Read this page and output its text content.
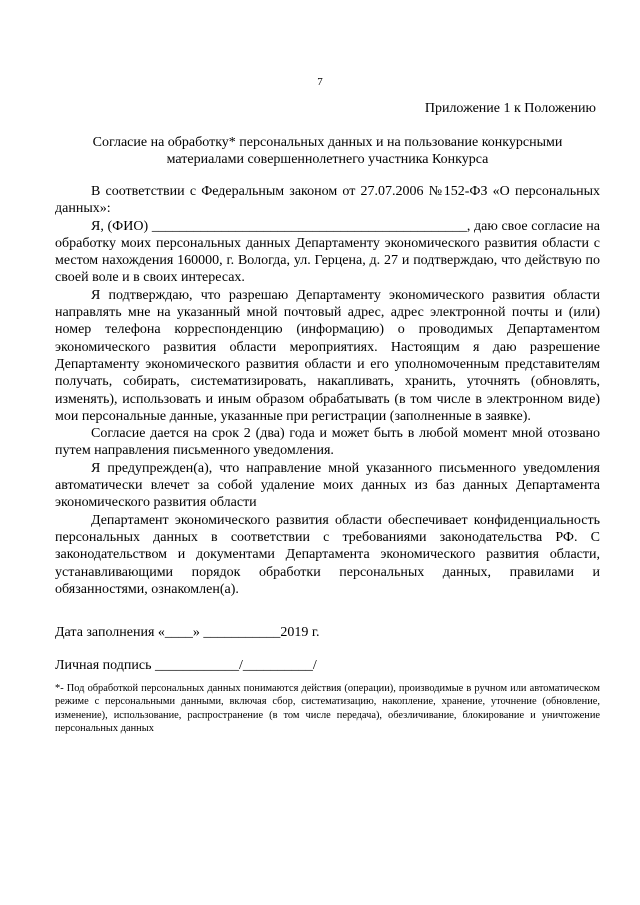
7
Приложение 1 к Положению
Согласие на обработку* персональных данных и на пользование конкурсными
материалами совершеннолетнего участника Конкурса

В соответствии с Федеральным законом от 27.07.2006 №152-ФЗ «О персональных данных»:

Я, (ФИО) _____________________________________________, даю свое согласие на обработку моих персональных данных Департаменту экономического развития области с местом нахождения 160000, г. Вологда, ул. Герцена, д. 27 и подтверждаю, что действую по своей воле и в своих интересах.

Я подтверждаю, что разрешаю Департаменту экономического развития области направлять мне на указанный мной почтовый адрес, адрес электронной почты и (или) номер телефона корреспонденцию (информацию) о проводимых Департаментом экономического развития области мероприятиях. Настоящим я даю разрешение Департаменту экономического развития области и его уполномоченным представителям получать, собирать, систематизировать, накапливать, хранить, уточнять (обновлять, изменять), использовать и иным образом обрабатывать (в том числе в электронном виде) мои персональные данные, указанные при регистрации (заполненные в заявке).

Согласие дается на срок 2 (два) года и может быть в любой момент мной отозвано путем направления письменного уведомления.

Я предупрежден(а), что направление мной указанного письменного уведомления автоматически влечет за собой удаление моих данных из баз данных Департамента экономического развития области

Департамент экономического развития области обеспечивает конфиденциальность персональных данных в соответствии с требованиями законодательства РФ. С законодательством и документами Департамента экономического развития области, устанавливающими порядок обработки персональных данных, правилами и обязанностями, ознакомлен(а).

Дата заполнения «____» ___________2019 г.
Личная подпись ____________/__________/
*- Под обработкой персональных данных понимаются действия (операции), производимые в ручном или автоматическом режиме с персональными данными, включая сбор, систематизацию, накопление, хранение, уточнение (обновление, изменение), использование, распространение (в том числе передача), обезличивание, блокирование и уничтожение персональных данных
